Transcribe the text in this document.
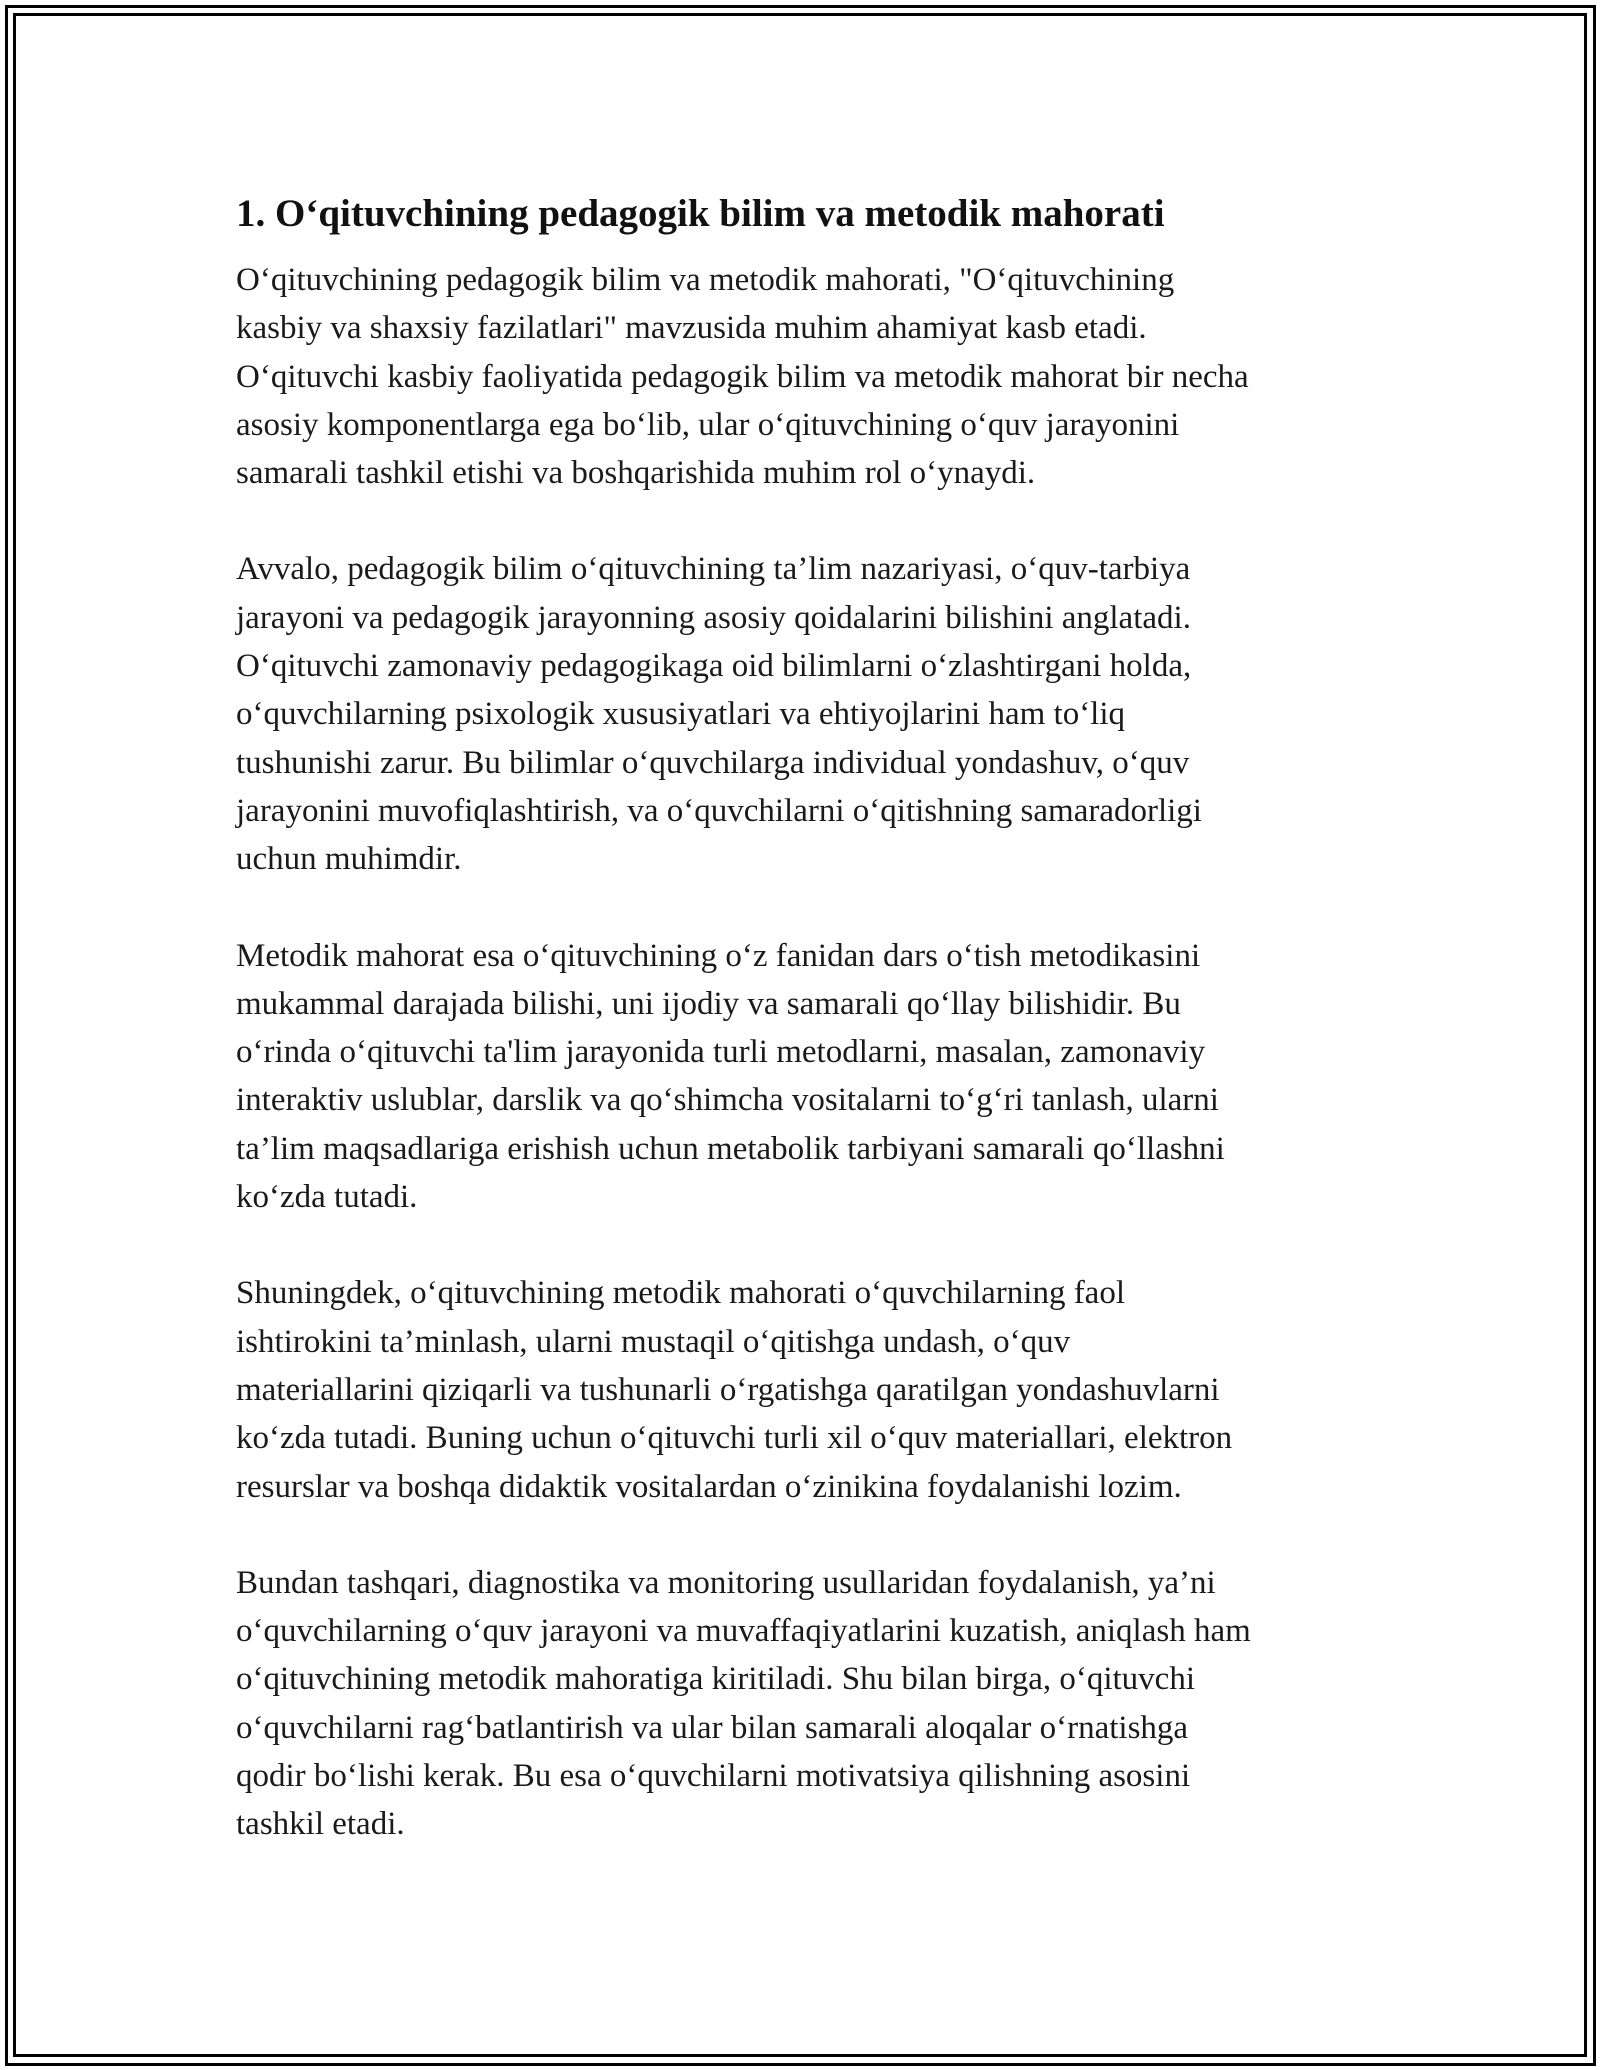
1. O‘qituvchining pedagogik bilim va metodik mahorati
O‘qituvchining pedagogik bilim va metodik mahorati, "O‘qituvchining
kasbiy va shaxsiy fazilatlari" mavzusida muhim ahamiyat kasb etadi.
O‘qituvchi kasbiy faoliyatida pedagogik bilim va metodik mahorat bir necha
asosiy komponentlarga ega bo‘lib, ular o‘qituvchining o‘quv jarayonini
samarali tashkil etishi va boshqarishida muhim rol o‘ynaydi.
Avvalo, pedagogik bilim o‘qituvchining ta’lim nazariyasi, o‘quv-tarbiya
jarayoni va pedagogik jarayonning asosiy qoidalarini bilishini anglatadi.
O‘qituvchi zamonaviy pedagogikaga oid bilimlarni o‘zlashtirgani holda,
o‘quvchilarning psixologik xususiyatlari va ehtiyojlarini ham to‘liq
tushunishi zarur. Bu bilimlar o‘quvchilarga individual yondashuv, o‘quv
jarayonini muvofiqlashtirish, va o‘quvchilarni o‘qitishning samaradorligi
uchun muhimdir.
Metodik mahorat esa o‘qituvchining o‘z fanidan dars o‘tish metodikasini
mukammal darajada bilishi, uni ijodiy va samarali qo‘llay bilishidir. Bu
o‘rinda o‘qituvchi ta'lim jarayonida turli metodlarni, masalan, zamonaviy
interaktiv uslublar, darslik va qo‘shimcha vositalarni to‘g‘ri tanlash, ularni
ta’lim maqsadlariga erishish uchun metabolik tarbiyani samarali qo‘llashni
ko‘zda tutadi.
Shuningdek, o‘qituvchining metodik mahorati o‘quvchilarning faol
ishtirokini ta’minlash, ularni mustaqil o‘qitishga undash, o‘quv
materiallarini qiziqarli va tushunarli o‘rgatishga qaratilgan yondashuvlarni
ko‘zda tutadi. Buning uchun o‘qituvchi turli xil o‘quv materiallari, elektron
resurslar va boshqa didaktik vositalardan o‘zinikina foydalanishi lozim.
Bundan tashqari, diagnostika va monitoring usullaridan foydalanish, ya’ni
o‘quvchilarning o‘quv jarayoni va muvaffaqiyatlarini kuzatish, aniqlash ham
o‘qituvchining metodik mahoratiga kiritiladi. Shu bilan birga, o‘qituvchi
o‘quvchilarni rag‘batlantirish va ular bilan samarali aloqalar o‘rnatishga
qodir bo‘lishi kerak. Bu esa o‘quvchilarni motivatsiya qilishning asosini
tashkil etadi.
